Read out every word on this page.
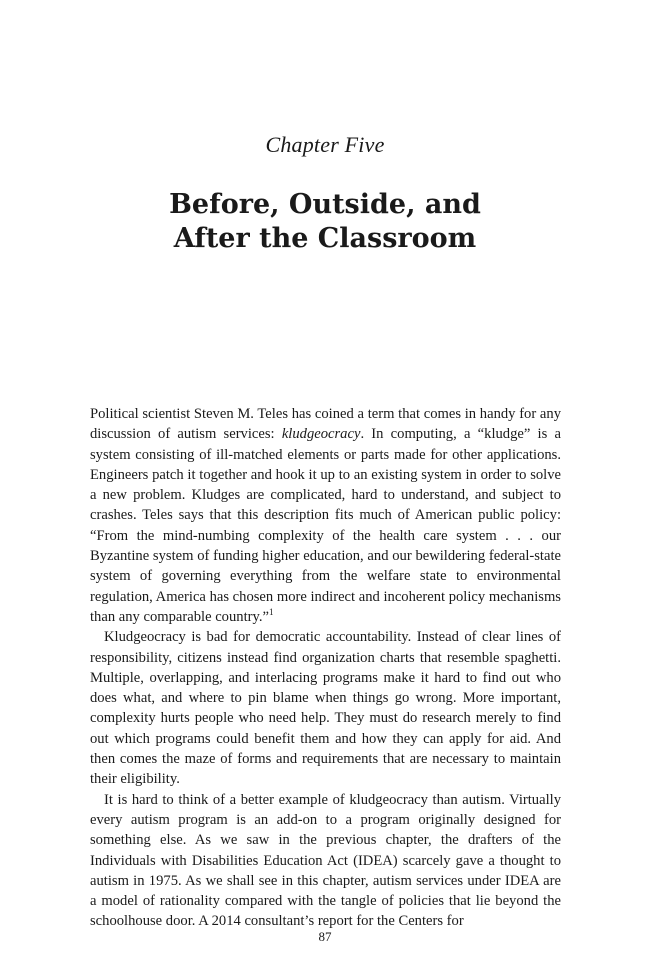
Chapter Five
Before, Outside, and
After the Classroom

Political scientist Steven M. Teles has coined a term that comes in handy for any discussion of autism services: kludgeocracy. In computing, a “kludge” is a system consisting of ill-matched elements or parts made for other applications. Engineers patch it together and hook it up to an existing system in order to solve a new problem. Kludges are complicated, hard to understand, and subject to crashes. Teles says that this description fits much of American public policy: “From the mind-numbing complexity of the health care system . . . our Byzantine system of funding higher education, and our bewildering federal-state system of governing everything from the welfare state to environmental regulation, America has chosen more indirect and incoherent policy mechanisms than any comparable country.”$^1$

Kludgeocracy is bad for democratic accountability. Instead of clear lines of responsibility, citizens instead find organization charts that resemble spaghetti. Multiple, overlapping, and interlacing programs make it hard to find out who does what, and where to pin blame when things go wrong. More important, complexity hurts people who need help. They must do research merely to find out which programs could benefit them and how they can apply for aid. And then comes the maze of forms and requirements that are necessary to maintain their eligibility.

It is hard to think of a better example of kludgeocracy than autism. Virtually every autism program is an add-on to a program originally designed for something else. As we saw in the previous chapter, the drafters of the Individuals with Disabilities Education Act (IDEA) scarcely gave a thought to autism in 1975. As we shall see in this chapter, autism services under IDEA are a model of rationality compared with the tangle of policies that lie beyond the schoolhouse door. A 2014 consultant’s report for the Centers for

87
